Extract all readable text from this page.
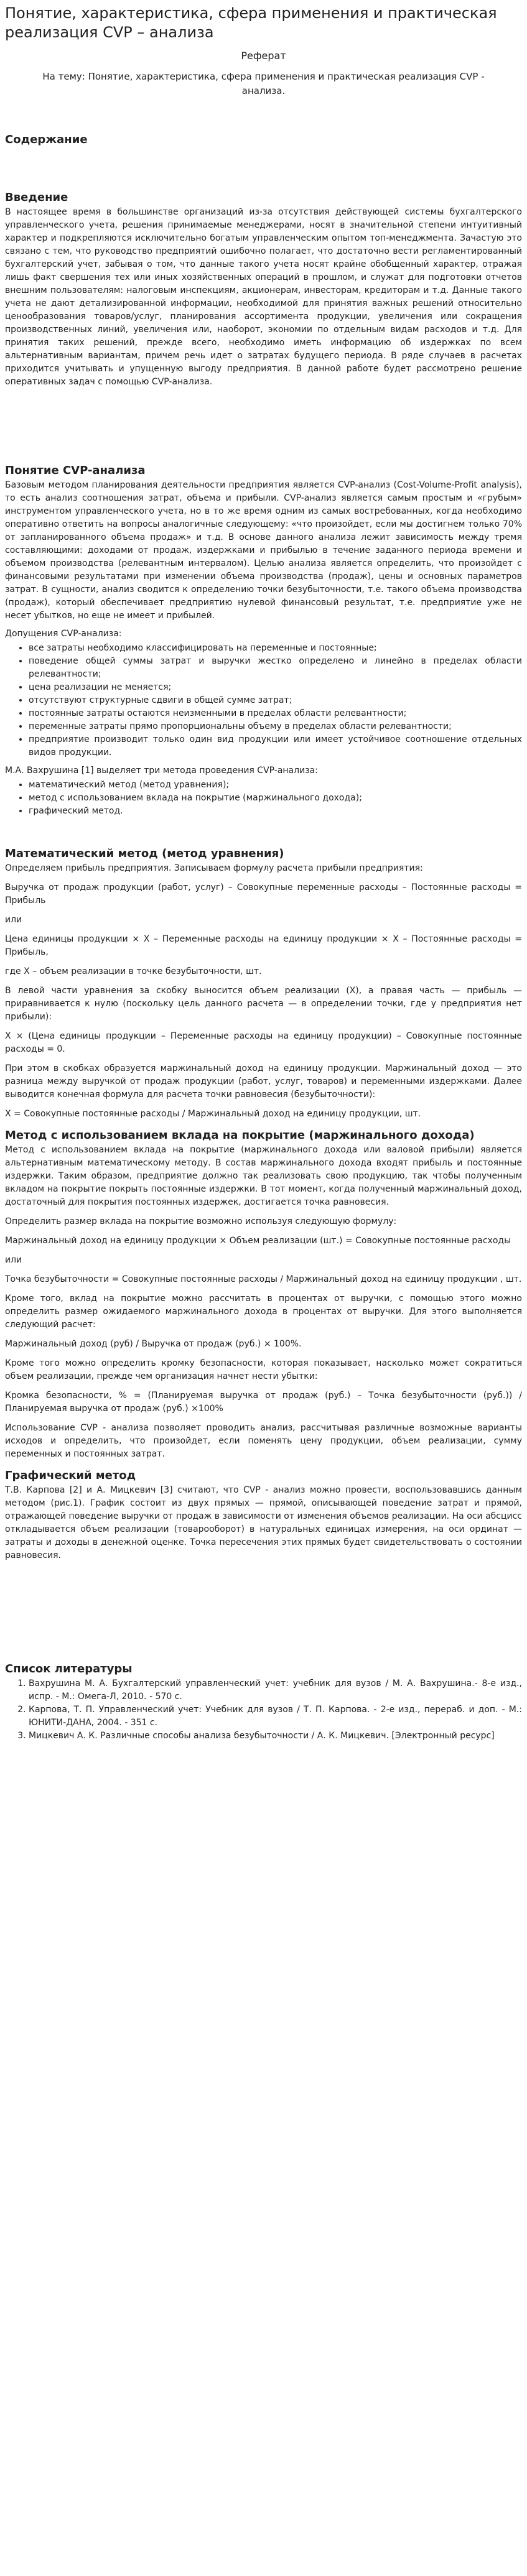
Понятие, характеристика, сфера применения и практическая реализация CVP – анализа
Реферат
На тему: Понятие, характеристика, сфера применения и практическая реализация CVP - анализа.
Содержание
Введение

В настоящее время в большинстве организаций из-за отсутствия действующей системы бухгалтерского управленческого учета, решения принимаемые менеджерами, носят в значительной степени интуитивный характер и подкрепляются исключительно богатым управленческим опытом топ-менеджмента. Зачастую это связано с тем, что руководство предприятий ошибочно полагает, что достаточно вести регламентированный бухгалтерский учет, забывая о том, что данные такого учета носят крайне обобщенный характер, отражая лишь факт свершения тех или иных хозяйственных операций в прошлом, и служат для подготовки отчетов внешним пользователям: налоговым инспекциям, акционерам, инвесторам, кредиторам и т.д. Данные такого учета не дают детализированной информации, необходимой для принятия важных решений относительно ценообразования товаров/услуг, планирования ассортимента продукции, увеличения или сокращения производственных линий, увеличения или, наоборот, экономии по отдельным видам расходов и т.д. Для принятия таких решений, прежде всего, необходимо иметь информацию об издержках по всем альтернативным вариантам, причем речь идет о затратах будущего периода. В ряде случаев в расчетах приходится учитывать и упущенную выгоду предприятия. В данной работе будет рассмотрено решение оперативных задач с помощью CVP-анализа.

Понятие CVP-анализа

Базовым методом планирования деятельности предприятия является CVP-анализ (Cost-Volume-Profit analysis), то есть анализ соотношения затрат, объема и прибыли. CVP-анализ является самым простым и «грубым» инструментом управленческого учета, но в то же время одним из самых востребованных, когда необходимо оперативно ответить на вопросы аналогичные следующему: «что произойдет, если мы достигнем только 70% от запланированного объема продаж» и т.д. В основе данного анализа лежит зависимость между тремя составляющими: доходами от продаж, издержками и прибылью в течение заданного периода времени и объемом производства (релевантным интервалом). Целью анализа является определить, что произойдет с финансовыми результатами при изменении объема производства (продаж), цены и основных параметров затрат. В сущности, анализ сводится к определению точки безубыточности, т.е. такого объема производства (продаж), который обеспечивает предприятию нулевой финансовый результат, т.е. предприятие уже не несет убытков, но еще не имеет и прибылей.

Допущения CVP-анализа:

• все затраты необходимо классифицировать на переменные и постоянные;
• поведение общей суммы затрат и выручки жестко определено и линейно в пределах области релевантности;
• цена реализации не меняется;
• отсутствуют структурные сдвиги в общей сумме затрат;
• постоянные затраты остаются неизменными в пределах области релевантности;
• переменные затраты прямо пропорциональны объему в пределах области релевантности;
• предприятие производит только один вид продукции или имеет устойчивое соотношение отдельных видов продукции.

М.А. Вахрушина [1] выделяет три метода проведения CVP-анализа:

• математический метод (метод уравнения);
• метод с использованием вклада на покрытие (маржинального дохода);
• графический метод.
Математический метод (метод уравнения)

Определяем прибыль предприятия. Записываем формулу расчета прибыли предприятия:

Выручка от продаж продукции (работ, услуг) – Совокупные переменные расходы – Постоянные расходы = Прибыль

или

Цена единицы продукции × Х – Переменные расходы на единицу продукции × Х – Постоянные расходы = Прибыль,

где Х – объем реализации в точке безубыточности, шт.

В левой части уравнения за скобку выносится объем реализации (Х), а правая часть — прибыль — приравнивается к нулю (поскольку цель данного расчета — в определении точки, где у предприятия нет прибыли):

Х × (Цена единицы продукции – Переменные расходы на единицу продукции) – Совокупные постоянные расходы = 0.

При этом в скобках образуется маржинальный доход на единицу продукции. Маржинальный доход — это разница между выручкой от продаж продукции (работ, услуг, товаров) и переменными издержками. Далее выводится конечная формула для расчета точки равновесия (безубыточности):

Х = Совокупные постоянные расходы / Маржинальный доход на единицу продукции, шт.

Метод с использованием вклада на покрытие (маржинального дохода)

Метод с использованием вклада на покрытие (маржинального дохода или валовой прибыли) является альтернативным математическому методу. В состав маржинального дохода входят прибыль и постоянные издержки. Таким образом, предприятие должно так реализовать свою продукцию, так чтобы полученным вкладом на покрытие покрыть постоянные издержки. В тот момент, когда полученный маржинальный доход, достаточный для покрытия постоянных издержек, достигается точка равновесия.

Определить размер вклада на покрытие возможно используя следующую формулу:

Маржинальный доход на единицу продукции × Объем реализации (шт.) = Совокупные постоянные расходы

или

Точка безубыточности = Совокупные постоянные расходы / Маржинальный доход на единицу продукции , шт.

Кроме того, вклад на покрытие можно рассчитать в процентах от выручки, с помощью этого можно определить размер ожидаемого маржинального дохода в процентах от выручки. Для этого выполняется следующий расчет:

Маржинальный доход (руб) / Выручка от продаж (руб.) × 100%.

Кроме того можно определить кромку безопасности, которая показывает, насколько может сократиться объем реализации, прежде чем организация начнет нести убытки:

Кромка безопасности, % = (Планируемая выручка от продаж (руб.) – Точка безубыточности (руб.)) / Планируемая выручка от продаж (руб.) ×100%

Использование CVP - анализа позволяет проводить анализ, рассчитывая различные возможные варианты исходов и определить, что произойдет, если поменять цену продукции, объем реализации, сумму переменных и постоянных затрат.

Графический метод

Т.В. Карпова [2] и А. Мицкевич [3] считают, что CVP - анализ можно провести, воспользовавшись данным методом (рис.1). График состоит из двух прямых — прямой, описывающей поведение затрат и прямой, отражающей поведение выручки от продаж в зависимости от изменения объемов реализации. На оси абсцисс откладывается объем реализации (товарооборот) в натуральных единицах измерения, на оси ординат — затраты и доходы в денежной оценке. Точка пересечения этих прямых будет свидетельствовать о состоянии равновесия.

Список литературы
1. Вахрушина М. А. Бухгалтерский управленческий учет: учебник для вузов / М. А. Вахрушина.- 8-е изд., испр. - М.: Омега-Л, 2010. - 570 с.
2. Карпова, Т. П. Управленческий учет: Учебник для вузов / Т. П. Карпова. - 2-е изд., перераб. и доп. - М.: ЮНИТИ-ДАНА, 2004. - 351 с.
3. Мицкевич А. К. Различные способы анализа безубыточности / А. К. Мицкевич. [Электронный ресурс]
